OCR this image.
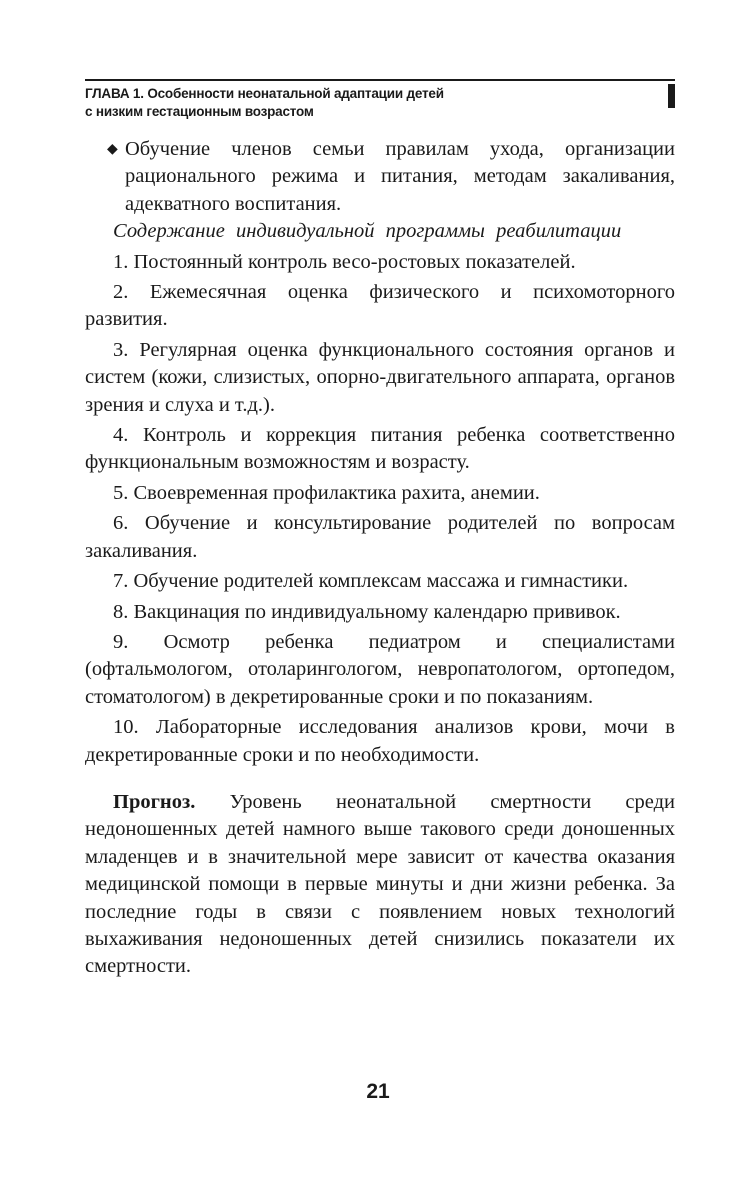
ГЛАВА 1. Особенности неонатальной адаптации детей
с низким гестационным возрастом

◆ Обучение членов семьи правилам ухода, организации рационального режима и питания, методам закаливания, адекватного воспитания.

Содержание индивидуальной программы реабилитации

1. Постоянный контроль весо-ростовых показателей.

2. Ежемесячная оценка физического и психомоторного развития.

3. Регулярная оценка функционального состояния органов и систем (кожи, слизистых, опорно-двигательного аппарата, органов зрения и слуха и т.д.).

4. Контроль и коррекция питания ребенка соответственно функциональным возможностям и возрасту.

5. Своевременная профилактика рахита, анемии.

6. Обучение и консультирование родителей по вопросам закаливания.

7. Обучение родителей комплексам массажа и гимнастики.

8. Вакцинация по индивидуальному календарю прививок.

9. Осмотр ребенка педиатром и специалистами (офтальмологом, отоларингологом, невропатологом, ортопедом, стоматологом) в декретированные сроки и по показаниям.

10. Лабораторные исследования анализов крови, мочи в декретированные сроки и по необходимости.

Прогноз. Уровень неонатальной смертности среди недоношенных детей намного выше такового среди доношенных младенцев и в значительной мере зависит от качества оказания медицинской помощи в первые минуты и дни жизни ребенка. За последние годы в связи с появлением новых технологий выхаживания недоношенных детей снизились показатели их смертности.

21
